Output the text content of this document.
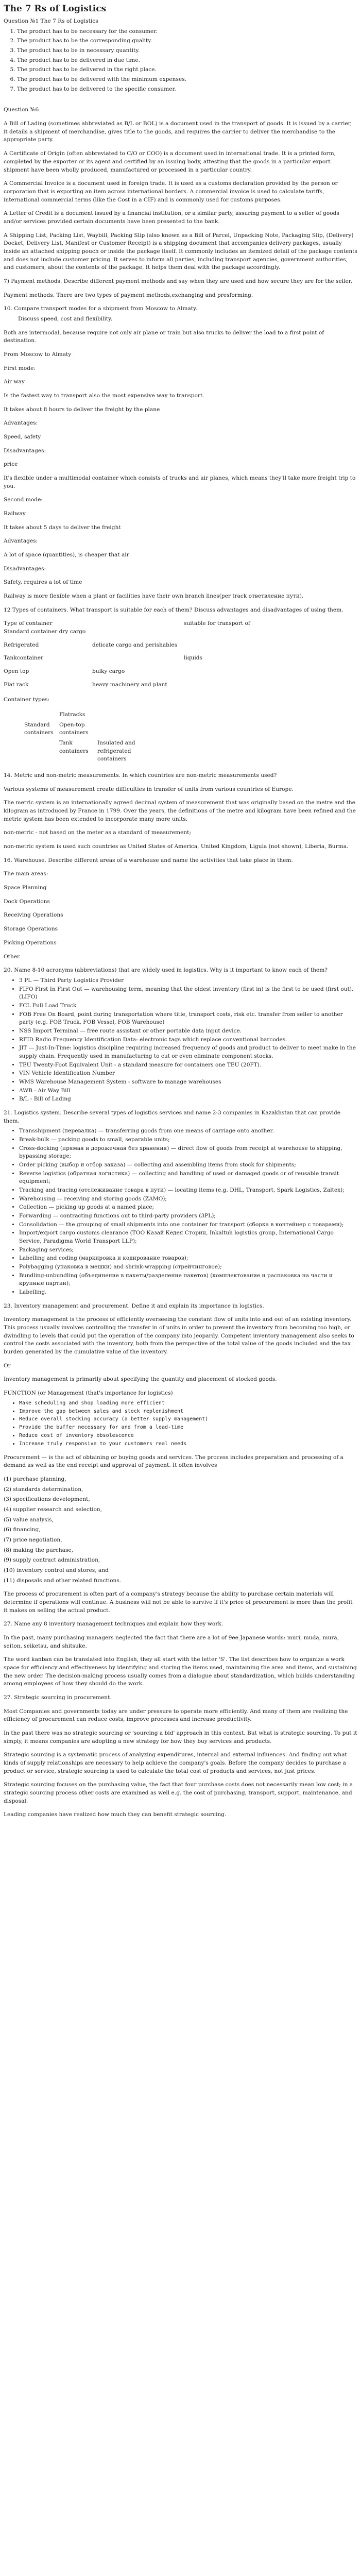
The 7 Rs of Logistics

Question №1 The 7 Rs of Logistics

1. The product has to be necessary for the consumer.
2. The product has to be the corresponding quality.
3. The product has to be in necessary quantity.
4. The product has to be delivered in due time.
5. The product has to be delivered in the right place.
6. The product has to be delivered with the minimum expenses.
7. The product has to be delivered to the specific consumer.

Question №6

A Bill of Lading (sometimes abbreviated as B/L or BOL) is a document used in the transport of goods. It is issued by a carrier, it details a shipment of merchandise, gives title to the goods, and requires the carrier to deliver the merchandise to the appropriate party.

A Certificate of Origin (often abbreviated to C/O or COO) is a document used in international trade. It is a printed form, completed by the exporter or its agent and certified by an issuing body, attesting that the goods in a particular export shipment have been wholly produced, manufactured or processed in a particular country.

A Commercial Invoice is a document used in foreign trade. It is used as a customs declaration provided by the person or corporation that is exporting an item across international borders. A commercial invoice is used to calculate tariffs, international commercial terms (like the Cost in a CIF) and is commonly used for customs purposes.

A Letter of Credit is a document issued by a financial institution, or a similar party, assuring payment to a seller of goods and/or services provided certain documents have been presented to the bank.

A Shipping List, Packing List, Waybill, Packing Slip (also known as a Bill of Parcel, Unpacking Note, Packaging Slip, (Delivery) Docket, Delivery List, Manifest or Customer Receipt) is a shipping document that accompanies delivery packages, usually inside an attached shipping pouch or inside the package itself. It commonly includes an itemized detail of the package contents and does not include customer pricing. It serves to inform all parties, including transport agencies, government authorities, and customers, about the contents of the package. It helps them deal with the package accordingly.

7) Payment methods. Describe different payment methods and say when they are used and how secure they are for the seller.

Payment methods. There are two types of payment methods,exchanging and presforming.

10. Compare transport modes for a shipment from Moscow to Almaty.

Discuss speed, cost and flexibility.

Both are intermodal, because require not only air plane or train but also trucks to deliver the load to a first point of destination.

From Moscow to Almaty

First mode:

Air way

Is the fastest way to transport also the most expensive way to transport.

It takes about 8 hours to deliver the freight by the plane

Advantages:

Speed, safety

Disadvantages:

price

It's flexible under a multimodal container which consists of trucks and air planes, which means they'll take more freight trip to you.

Second mode:

Railway

It takes about 5 days to deliver the freight

Advantages:

A lot of space (quantities), is cheaper that air

Disadvantages:

Safety, requires a lot of time

Railway is more flexible when a plant or facilities have their own branch lines(per track ответвление пути).

12 Types of containers. What transport is suitable for each of them? Discuss advantages and disadvantages of using them.

Type of container	suitable for transport of
Standard container dry cargo
Refrigerated	delicate cargo and perishables
Tankcontainer	liquids
Open top	bulky cargo
Flat rack	heavy machinery and plant

Container types:

	Flatracks	
Standard containers	Open-top containers	
	Tank containers	Insulated and refrigerated containers

14. Metric and non-metric measurements. In which countries are non-metric measurements used?

Various systems of measurement create difficulties in transfer of units from various countries of Europe.

The metric system is an internationally agreed decimal system of measurement that was originally based on the metre and the kilogram as introduced by France in 1799. Over the years, the definitions of the metre and kilogram have been refined and the metric system has been extended to incorporate many more units.

non-metric - not based on the meter as a standard of measurement;

non-metric system is used such countries as United States of America, United Kingdom, Liguia (not shown), Liberia, Burma.

16. Warehouse. Describe different areas of a warehouse and name the activities that take place in them.

The main areas:

Space Planning

Dock Operations

Receiving Operations

Storage Operations

Picking Operations

Other.

20. Name 8-10 acronyms (abbreviations) that are widely used in logistics. Why is it important to know each of them?

• 3 PL — Third Party Logistics Provider
• FIFO First In First Out — warehousing term, meaning that the oldest inventory (first in) is the first to be used (first out). (LIFO)
• FCL Full Load Truck
• FOB Free On Board, point during transportation where title, transport costs, risk etc. transfer from seller to another party (e.g. FOB Truck, FOB Vessel, FOB Warehouse)
• NSS Import Terminal — free route assistant or other portable data input device.
• RFID Radio Frequency Identification Data: electronic tags which replace conventional barcodes.
• JIT — Just-In-Time: logistics discipline requiring increased frequency of goods and product to deliver to meet make in the supply chain. Frequently used in manufacturing to cut or even eliminate component stocks.
• TEU Twenty-Foot Equivalent Unit - a standard measure for containers one TEU (20FT).
• VIN Vehicle Identification Number
• WMS Warehouse Management System - software to manage warehouses
• AWB - Air Way Bill
• B/L - Bill of Lading

21. Logistics system. Describe several types of logistics services and name 2-3 companies in Kazakhstan that can provide them.

• Transshipment (перевалка) — transferring goods from one means of carriage onto another.
• Break-bulk — packing goods to small, separable units;
• Cross-docking (прямая и дорожечная без хранения) — direct flow of goods from receipt at warehouse to shipping, bypassing storage;
• Order picking (выбор и отбор заказа) — collecting and assembling items from stock for shipments;
• Reverse logistics (обратная логистика) — collecting and handling of used or damaged goods or of reusable transit equipment;
• Tracking and tracing (отслеживание товара в пути) — locating items (e.g. DHL, Transport, Spark Logistics, Zaltex);
• Warehousing — receiving and storing goods (ZAMO);
• Collection — picking up goods at a named place;
• Forwarding — contracting functions out to third-party providers (3PL);
• Consolidation — the grouping of small shipments into one container for transport (сборка в контейнер с товарами);
• Import/export cargo customs clearance (ТОО Казай Кедея Сторин, Inkaltuh logistics group, International Cargo Service, Paradigma World Transport LLP);
• Packaging services;
• Labelling and coding (маркировка и кодирование товаров);
• Polybagging (упаковка в мешки) and shrink-wrapping (стрейчинговое);
• Bundling-unbundling (объединение в пакеты/разделение пакетов) (комплектование и распаковка на части и крупные партии);
• Labelling.

23. Inventory management and procurement. Define it and explain its importance in logistics.

Inventory management is the process of efficiently overseeing the constant flow of units into and out of an existing inventory. This process usually involves controlling the transfer in of units in order to prevent the inventory from becoming too high, or dwindling to levels that could put the operation of the company into jeopardy. Competent inventory management also seeks to control the costs associated with the inventory, both from the perspective of the total value of the goods included and the tax burden generated by the cumulative value of the inventory.

Or

Inventory management is primarily about specifying the quantity and placement of stocked goods.

FUNCTION (or Management (that's importance for logistics)

• Make scheduling and shop loading more efficient
• Improve the gap between sales and stock replenishment
• Reduce overall stocking accuracy (a better supply management)
• Provide the buffer necessary for and from a lead-time
• Reduce cost of inventory obsolescence
• Increase truly responsive to your customers real needs

Procurement — is the act of obtaining or buying goods and services. The process includes preparation and processing of a demand as well as the end receipt and approval of payment. It often involves

(1) purchase planning,

(2) standards determination,

(3) specifications development,

(4) supplier research and selection,

(5) value analysis,

(6) financing,

(7) price negotiation,

(8) making the purchase,

(9) supply contract administration,

(10) inventory control and stores, and

(11) disposals and other related functions.

The process of procurement is often part of a company's strategy because the ability to purchase certain materials will determine if operations will continue. A business will not be able to survive if it's price of procurement is more than the profit it makes on selling the actual product.

27. Name any 8 inventory management techniques and explain how they work.

In the past, many purchasing managers neglected the fact that there are a lot of 9ee Japanese words: muri, muda, mura, seiton, seiketsu, and shitsuke.

The word kanban can be translated into English, they all start with the letter 'S'. The list describes how to organize a work space for efficiency and effectiveness by identifying and storing the items used, maintaining the area and items, and sustaining the new order. The decision-making process usually comes from a dialogue about standardization, which builds understanding among employees of how they should do the work.

27. Strategic sourcing in procurement.

Most Companies and governments today are under pressure to operate more efficiently. And many of them are realizing the efficiency of procurement can reduce costs, improve processes and increase productivity.

In the past there was no strategic sourcing or 'sourcing a bid' approach in this context. But what is strategic sourcing. To put it simply, it means companies are adopting a new strategy for how they buy services and products.

Strategic sourcing is a systematic process of analyzing expenditures, internal and external influences. And finding out what kinds of supply relationships are necessary to help achieve the company's goals. Before the company decides to purchase a product or service, strategic sourcing is used to calculate the total cost of products and services, not just prices.

Strategic sourcing focuses on the purchasing value, the fact that four purchase costs does not necessarily mean low cost; in a strategic sourcing process other costs are examined as well e.g. the cost of purchasing, transport, support, maintenance, and disposal.

Leading companies have realized how much they can benefit strategic sourcing.
